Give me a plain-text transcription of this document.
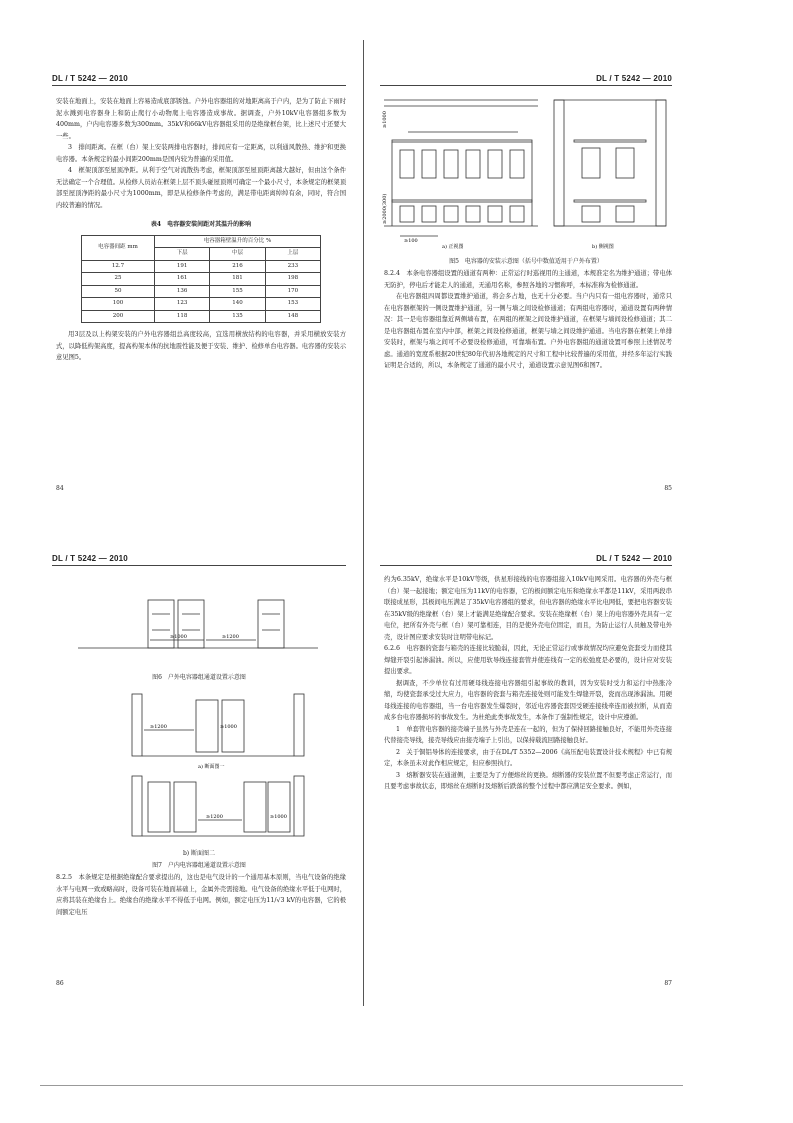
DL / T 5242 — 2010

安装在地面上，安装在地面上容易造成底部锈蚀。户外电容器组的对地距离高于户内，是为了防止下雨时泥水溅到电容器身上和防止爬行小动物爬上电容器造成事故。据调查，户外10kV电容器组多数为400mm，户内电容器多数为300mm。35kV和66kV电容器组采用的是绝缘框台架，比上述尺寸还要大一些。

3　排间距离。在框（台）架上安装两排电容器时，排间应有一定距离，以利通风散热、维护和更换电容器。本条规定的最小间距200mm是国内较为普遍的采用值。

4　框架顶部至屋顶净距。从利于空气对流散热考虑，框架顶部至屋顶距离越大越好，但由这个条件无法确定一个合理值。从检修人员站在框架上层不顶头碰屋顶则可确定一个最小尺寸，本条规定的框架顶部至屋顶净距的最小尺寸为1000mm，即是从检修条件考虑的，满足带电距离绰绰有余，同时，符合国内较普遍的情况。

表4　电容器安装间距对其温升的影响
电容器间距 mm	电容器箱壁温升的百分比 %		
	下层	中层	上层
12.7	191	216	233
25	161	181	198
50	136	155	170
100	123	140	153
200	118	135	148

用3层及以上构架安装的户外电容器组总高度较高，宜选用横放结构的电容器，并采用横放安装方式，以降低构架高度，提高构架本体的抗地震性能及便于安装、维护、检修单台电容器。电容器的安装示意见图5。

84
DL / T 5242 — 2010
≥1000
≥2000(300)
≥100
a) 正视图	b) 侧视图
图5　电容器的安装示意图（括号中数值适用于户外布置）

8.2.4　本条电容器组设置的通道有两种：正常运行时巡视用的主通道，本规准定名为维护通道；带电体无防护，停电后才能走人的通道，无通用名称，参照各地的习惯称呼，本标准称为检修通道。

在电容器组四周都设置维护通道，将会多占地，也无十分必要。当户内只有一组电容器时，通常只在电容器框架的一侧设置维护通道，另一侧与墙之间设检修通道；有两组电容器时，通道设置有两种情况：其一是电容器组靠近两侧墙布置，在两组的框架之间设维护通道，在框架与墙间设检修通道；其二是电容器组布置在室内中部，框架之间设检修通道，框架与墙之间设维护通道。当电容器在框架上单排安装时，框架与墙之间可不必要设检修通道，可靠墙布置。户外电容器组的通道设置可参照上述情况考虑。通道的宽度系根据20世纪80年代初各地规定的尺寸和工程中比较普遍的采用值，并经多年运行实践证明是合适的，所以，本条规定了通道的最小尺寸，通道设置示意见图6和图7。

85
DL / T 5242 — 2010
≥1000	≥1200
图6　户外电容器组通道设置示意图
≥1200	≥1000
a) 断面图一
≥1200	≥1000
b) 断面图二
图7　户内电容器组通道设置示意图

8.2.5　本条规定是根据绝缘配合要求提出的，这也是电气设计的一个通用基本原则，当电气设备的绝缘水平与电网一致或略高时，设备可装在地面基础上，金属外壳需接地。电气设备的绝缘水平低于电网时，应将其装在绝缘台上。绝缘台的绝缘水平不得低于电网。例如，额定电压为11/√3 kV的电容器，它的极间额定电压

86
DL / T 5242 — 2010

约为6.35kV，绝缘水平是10kV等级，供星形接线的电容器组接入10kV电网采用。电容器的外壳与框（台）架一起接地；额定电压为11kV的电容器，它的极间额定电压和绝缘水平都是11kV，采用两段串联接成星形，其极间电压满足了35kV电容器组的要求，但电容器的绝缘水平比电网低，要把电容器安装在35kV级的绝缘框（台）架上才能满足绝缘配合要求。安装在绝缘框（台）架上的电容器外壳具有一定电位，把所有外壳与框（台）架可靠相连，目的是使外壳电位固定，而且，为防止运行人员触及带电外壳，设计图应要求安装时注明带电标记。

6.2.6　电容器的瓷套与箱壳的连接比较脆弱，因此，无论正常运行或事故情况均应避免瓷套受力而使其焊缝开裂引起渗漏油。所以，应使用软导线连接套管并使连线有一定的松弛度是必要的，设计应对安装提出要求。

据调查，不少单位有过用硬母线连接电容器组引起事故的教训，因为安装时受力和运行中热胀冷缩，均使瓷套承受过大应力，电容器的瓷套与箱壳连接处则可能发生焊缝开裂，瓷而出现渗漏油。用硬母线连接的电容器组，当一台电容器发生爆裂时，邻近电容器瓷套因受硬连接线牵连而被拉断，从而造成多台电容器损坏的事故发生。为杜绝此类事故发生，本条作了强制性规定，设计中应遵循。

1　单套管电容器的接壳端子虽然与外壳是连在一起的，但为了保持回路接触良好，不能用外壳连接代替接壳导线，接壳导线应由接壳端子上引出，以保持载流回路接触良好。

2　关于铜铝导体的连接要求，由于在DL/T 5352—2006《高压配电装置设计技术规程》中已有规定，本条虽未对此作相应规定，但应参照执行。

3　熔断器安装在通道侧，主要是为了方便熔丝的更换。熔断器的安装位置不但要考虑正常运行，而且要考虑事故状态，即熔丝在熔断时及熔断后跌落的整个过程中都应满足安全要求。例如，

87
